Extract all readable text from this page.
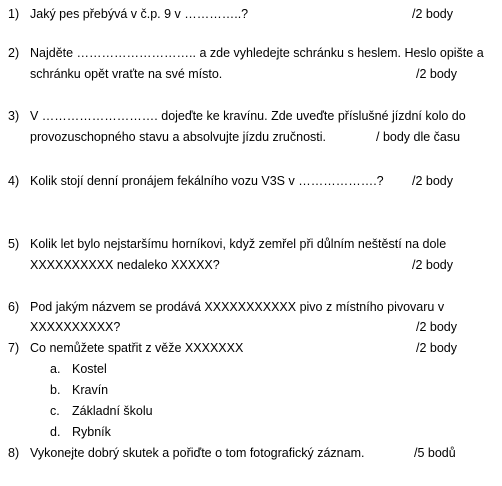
1) Jaký pes přebývá v č.p. 9 v …………..?	/2 body
2) Najděte ……………………….. a zde vyhledejte schránku s heslem. Heslo opište a
schránku opět vraťte na své místo.	/2 body
3) V ………………………. dojeďte ke kravínu. Zde uveďte příslušné jízdní kolo do
provozuschopného stavu a absolvujte jízdu zručnosti.	/ body dle času
4) Kolik stojí denní pronájem fekálního vozu V3S v ……………….? /2 body
5) Kolik let bylo nejstaršímu horníkovi, když zemřel při důlním neštěstí na dole
XXXXXXXXXX nedaleko XXXXX?	/2 body
6) Pod jakým názvem se prodává XXXXXXXXXXX pivo z místního pivovaru v
XXXXXXXXXX?	/2 body
7) Co nemůžete spatřit z věže XXXXXXX	/2 body
a. Kostel
b. Kravín
c. Základní školu
d. Rybník
8) Vykonejte dobrý skutek a pořiďte o tom fotografický záznam.	/5 bodů
